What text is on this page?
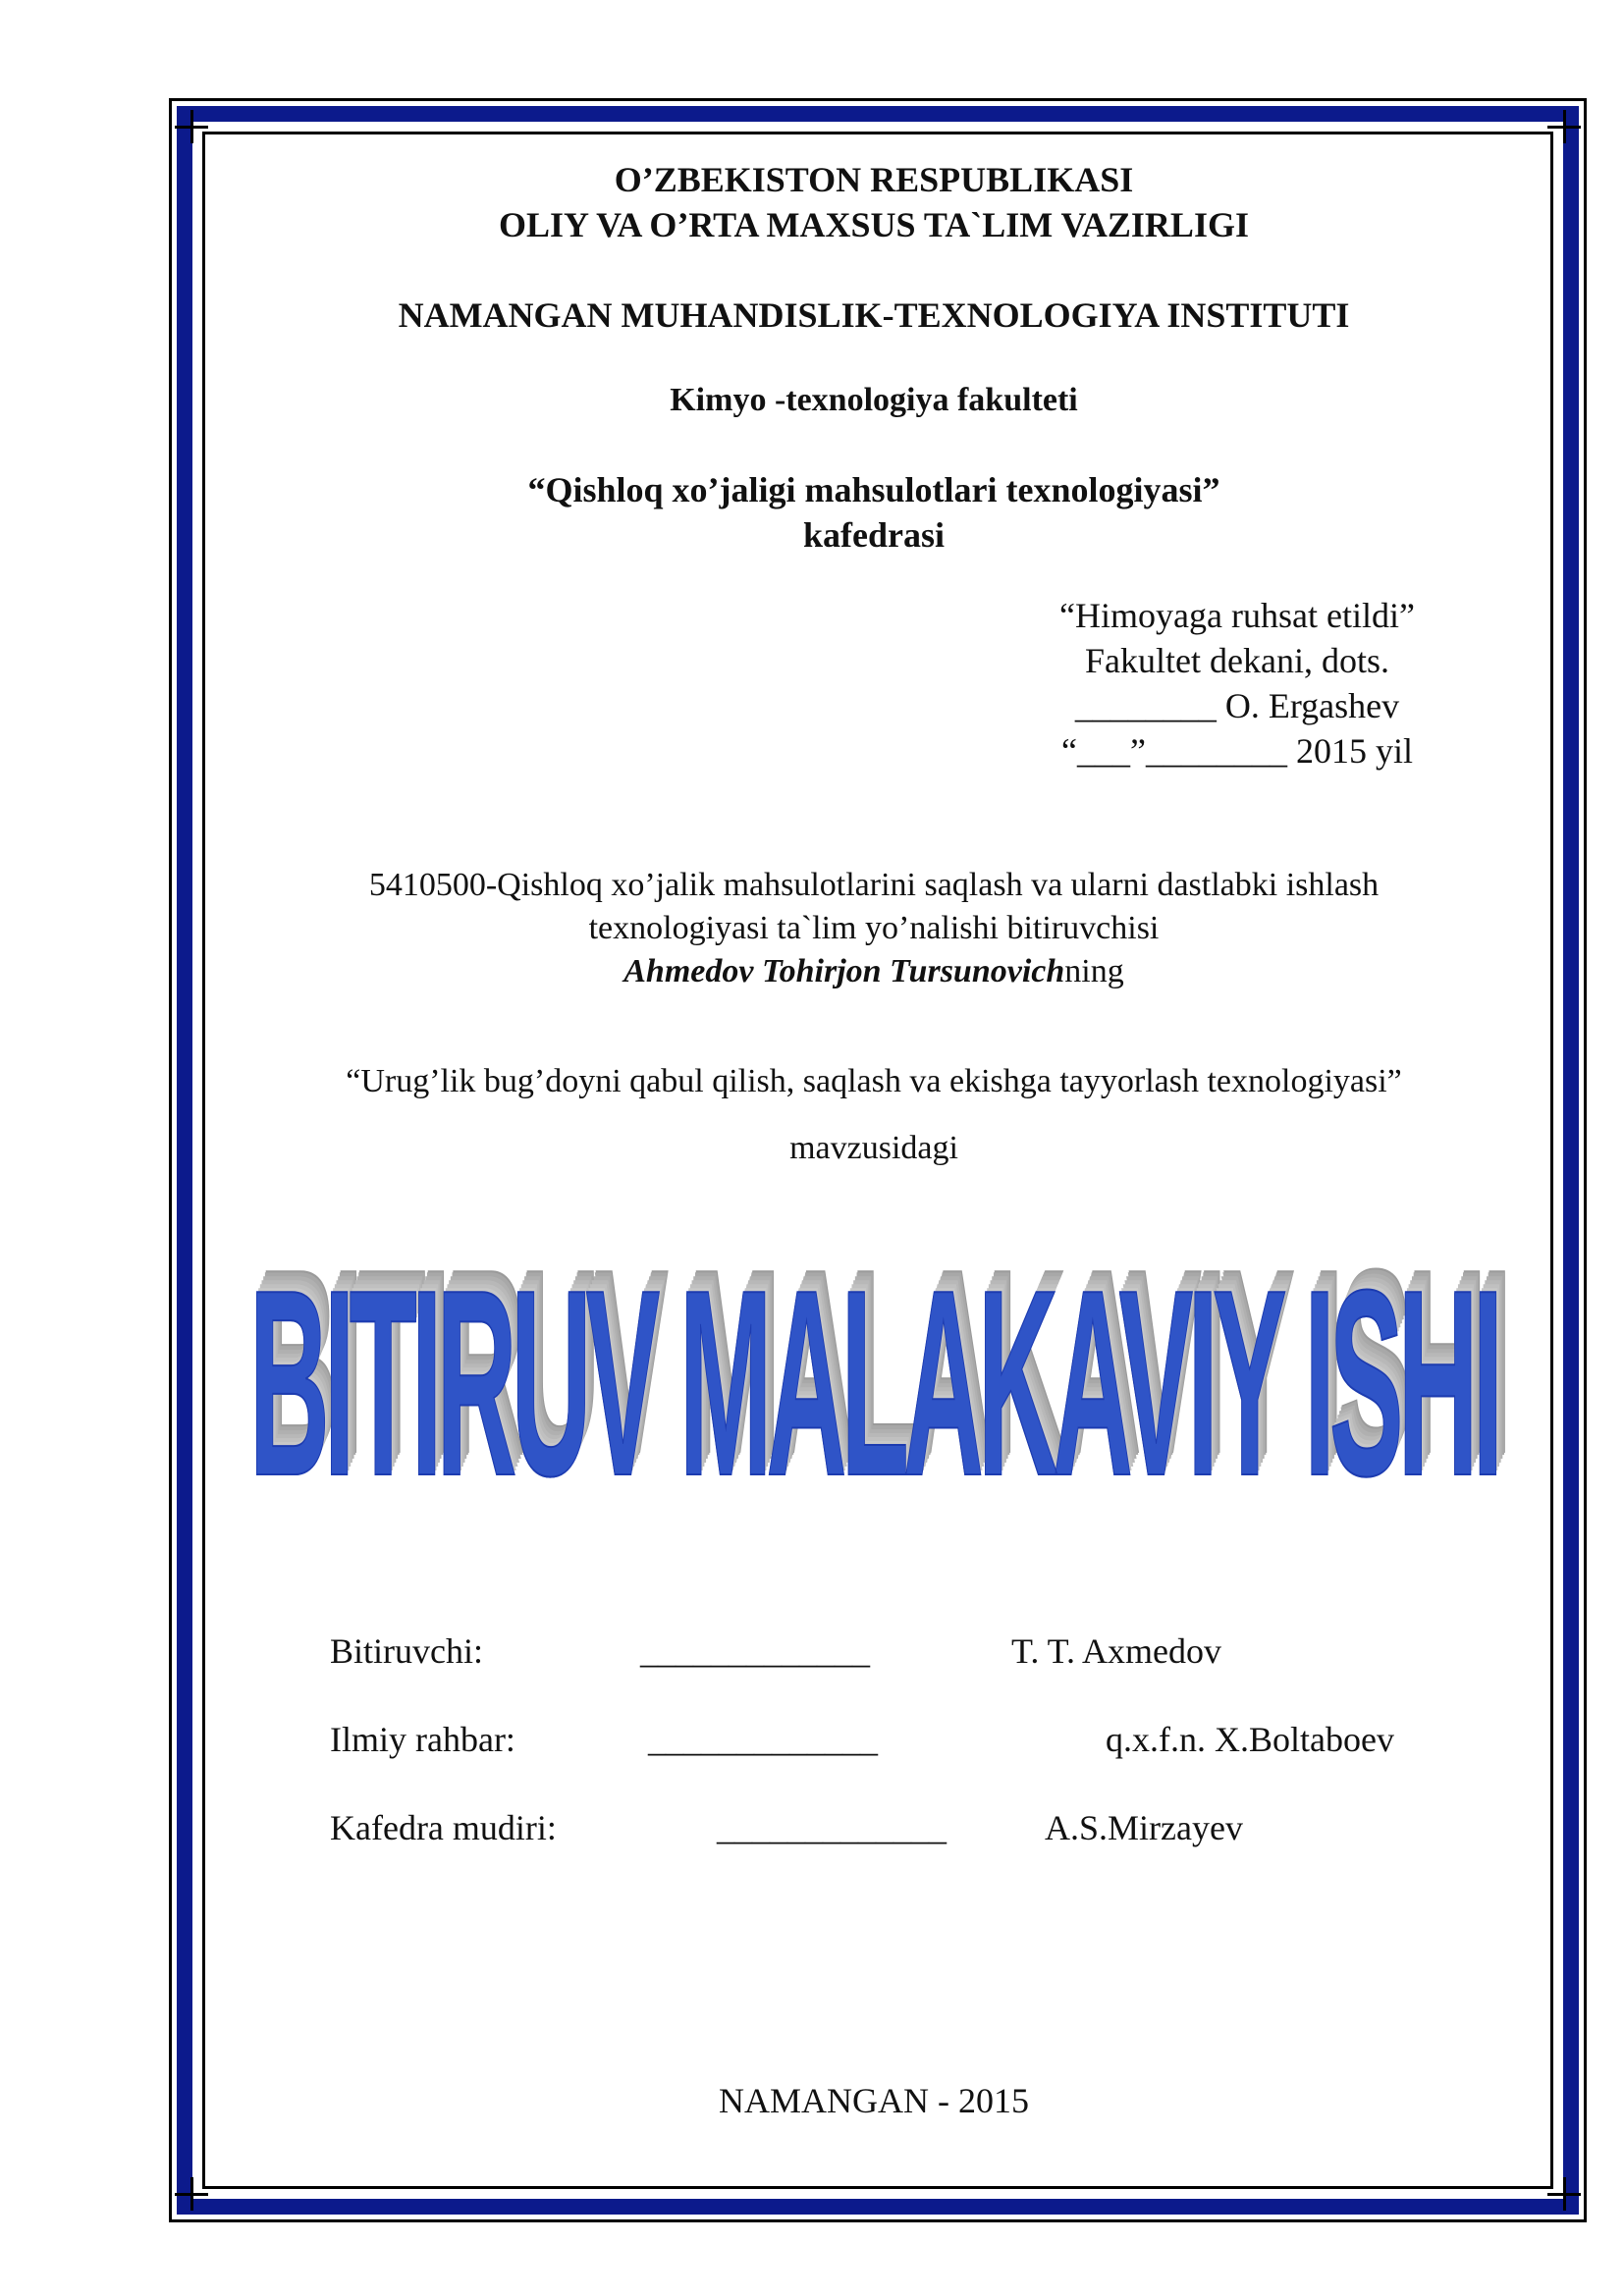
O’ZBEKISTON RESPUBLIKASI
OLIY VA O’RTA MAXSUS TA`LIM VAZIRLIGI
NAMANGAN MUHANDISLIK-TEXNOLOGIYA INSTITUTI
Kimyo -texnologiya fakulteti
“Qishloq xo’jaligi mahsulotlari texnologiyasi”
kafedrasi
“Himoyaga ruhsat etildi”
Fakultet dekani, dots.
________ O. Ergashev
“___”________ 2015 yil
5410500-Qishloq xo’jalik mahsulotlarini saqlash va ularni dastlabki ishlash
texnologiyasi ta`lim yo’nalishi bitiruvchisi
Ahmedov Tohirjon Tursunovichning
“Urug’lik bug’doyni qabul qilish, saqlash va ekishga tayyorlash texnologiyasi”
mavzusidagi
BITIRUV MALAKAVIY ISHI
Bitiruvchi:	_____________	T. T. Axmedov
Ilmiy rahbar:	_____________	q.x.f.n. X.Boltaboev
Kafedra mudiri:	_____________	A.S.Mirzayev
NAMANGAN - 2015
